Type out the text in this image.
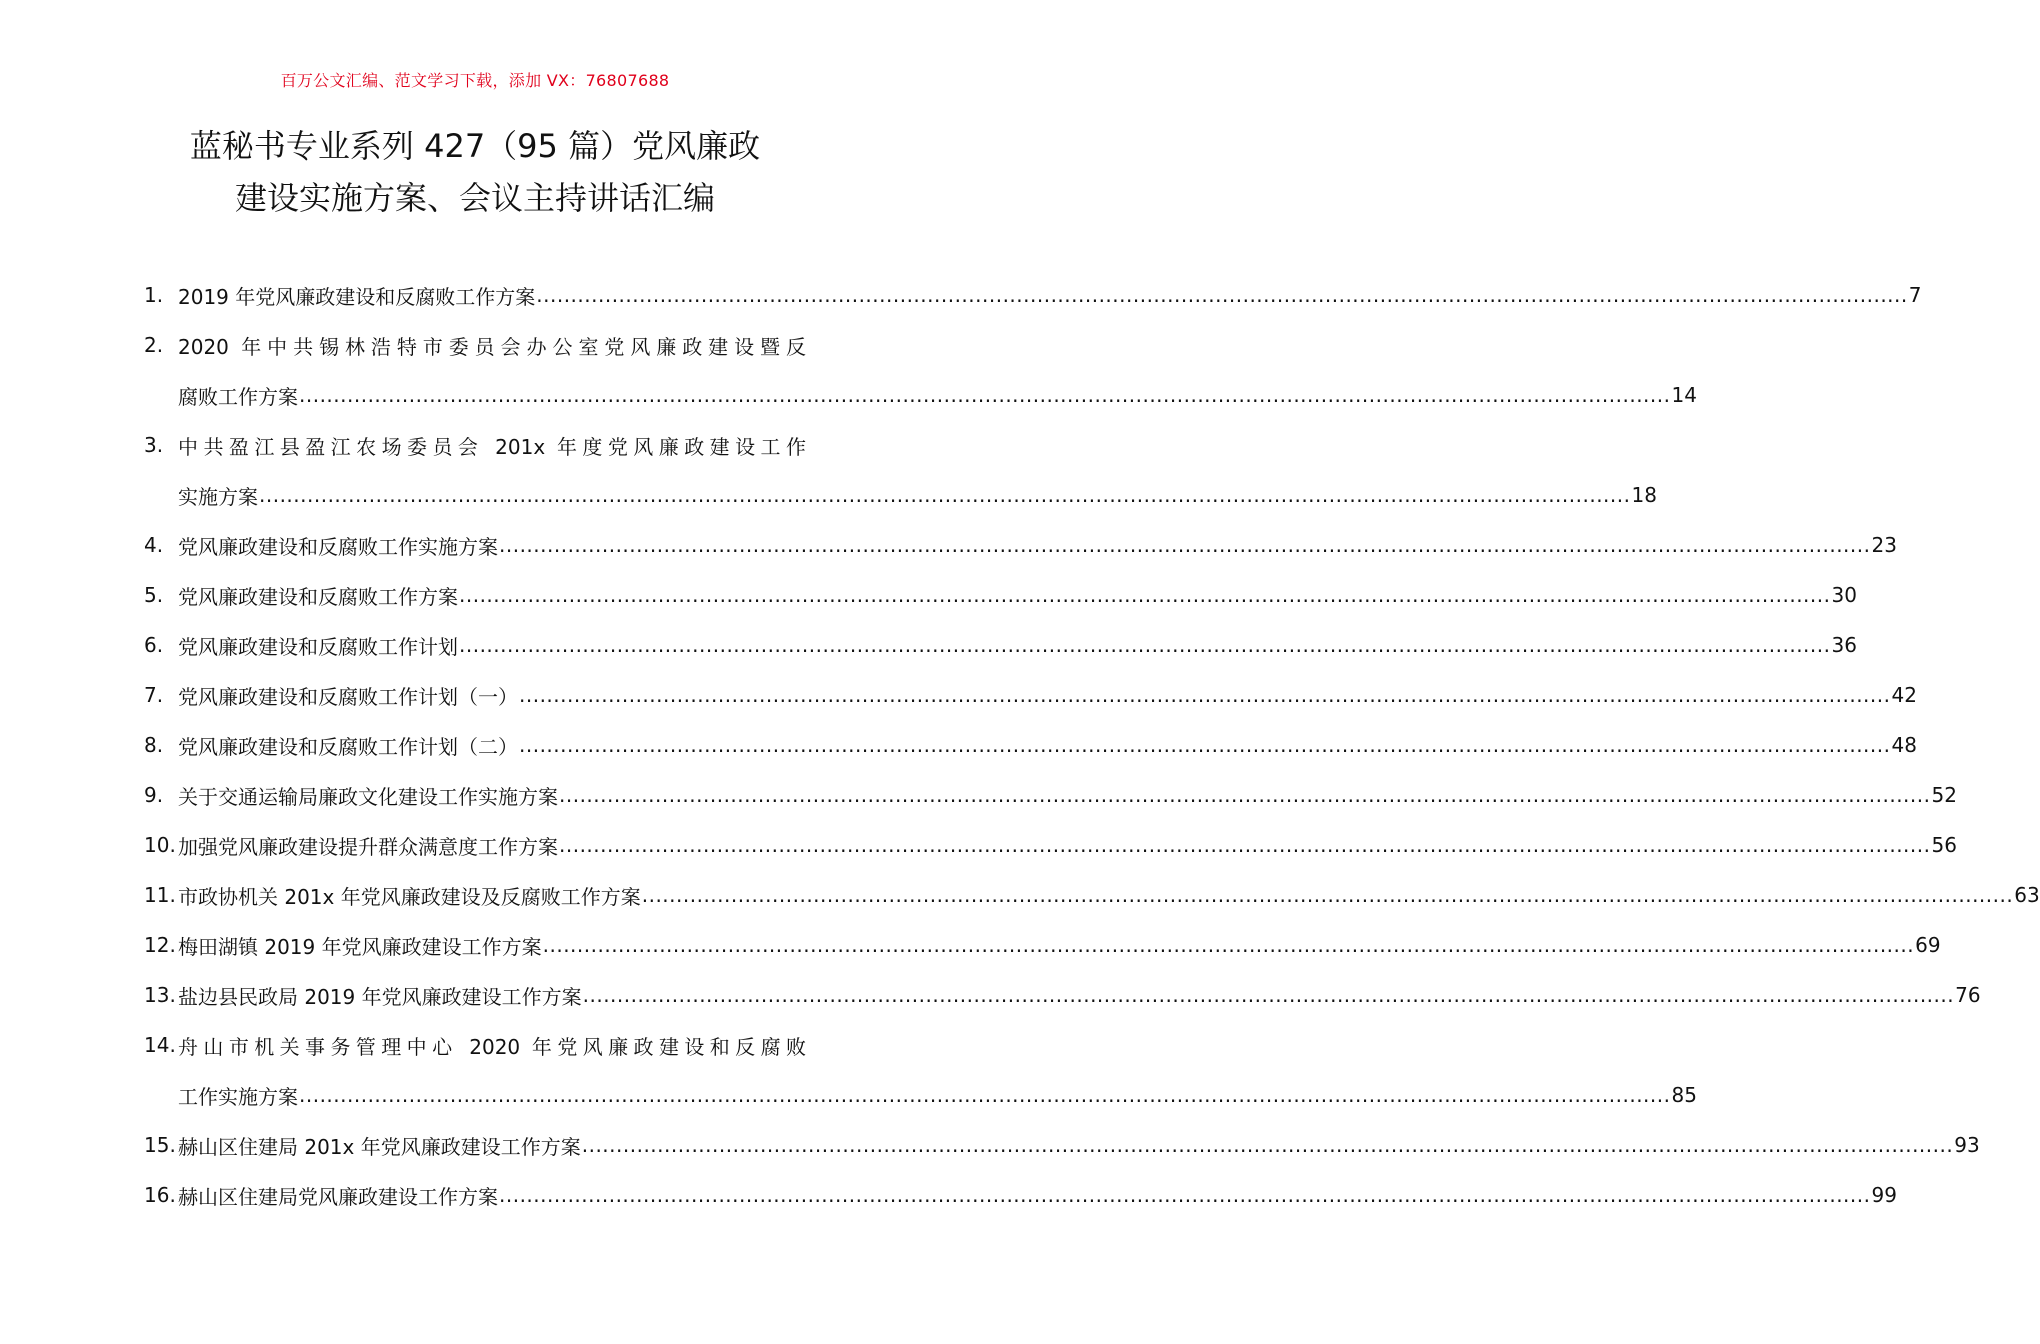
百万公文汇编、范文学习下载，添加 VX：76807688
蓝秘书专业系列 427（95 篇）党风廉政
建设实施方案、会议主持讲话汇编
1. 2019 年党风廉政建设和反腐败工作方案 ........................................................................................................................................................................................................ 7
2. 2020 年中共锡林浩特市委员会办公室党风廉政建设暨反
腐败工作方案 ........................................................................................................................................................................................................ 14
3. 中共盈江县盈江农场委员会 201x 年度党风廉政建设工作
实施方案 ........................................................................................................................................................................................................ 18
4. 党风廉政建设和反腐败工作实施方案 ........................................................................................................................................................................................................ 23
5. 党风廉政建设和反腐败工作方案 ........................................................................................................................................................................................................ 30
6. 党风廉政建设和反腐败工作计划 ........................................................................................................................................................................................................ 36
7. 党风廉政建设和反腐败工作计划（一） ........................................................................................................................................................................................................ 42
8. 党风廉政建设和反腐败工作计划（二） ........................................................................................................................................................................................................ 48
9. 关于交通运输局廉政文化建设工作实施方案 ........................................................................................................................................................................................................ 52
10. 加强党风廉政建设提升群众满意度工作方案 ........................................................................................................................................................................................................ 56
11. 市政协机关 201x 年党风廉政建设及反腐败工作方案 ........................................................................................................................................................................................................ 63
12. 梅田湖镇 2019 年党风廉政建设工作方案 ........................................................................................................................................................................................................ 69
13. 盐边县民政局 2019 年党风廉政建设工作方案 ........................................................................................................................................................................................................ 76
14. 舟山市机关事务管理中心 2020 年党风廉政建设和反腐败
工作实施方案 ........................................................................................................................................................................................................ 85
15. 赫山区住建局 201x 年党风廉政建设工作方案 ........................................................................................................................................................................................................ 93
16. 赫山区住建局党风廉政建设工作方案 ........................................................................................................................................................................................................ 99
